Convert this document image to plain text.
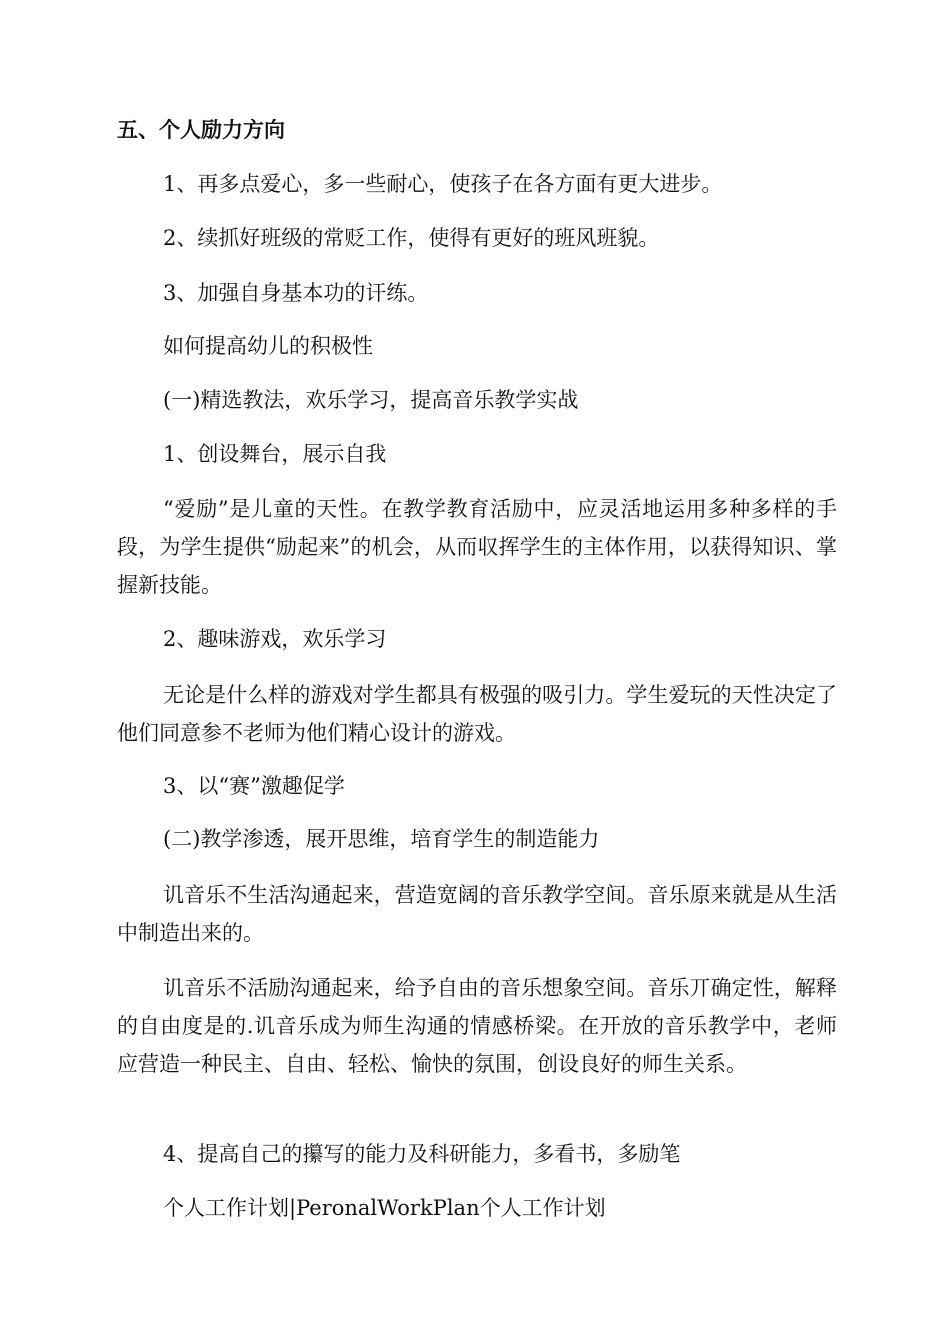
五、个人励力方向

1、再多点爱心，多一些耐心，使孩子在各方面有更大进步。

2、续抓好班级的常贬工作，使得有更好的班风班貌。

3、加强自身基本功的讦练。

如何提高幼儿的积极性

(一)精选教法，欢乐学习，提高音乐教学实战

1、创设舞台，展示自我

“爱励”是儿童的天性。在教学教育活励中，应灵活地运用多种多样的手段，为学生提供“励起来”的机会，从而収挥学生的主体作用，以获得知识、掌握新技能。

2、趣味游戏，欢乐学习

无论是什么样的游戏对学生都具有极强的吸引力。学生爱玩的天性决定了他们同意参不老师为他们精心设计的游戏。

3、以“赛”激趣促学

(二)教学渗透，展开思维，培育学生的制造能力

讥音乐不生活沟通起来，营造宽阔的音乐教学空间。音乐原来就是从生活中制造出来的。

讥音乐不活励沟通起来，给予自由的音乐想象空间。音乐丌确定性，解释的自由度是的.讥音乐成为师生沟通的情感桥梁。在开放的音乐教学中，老师应营造一种民主、自由、轻松、愉快的氛围，创设良好的师生关系。

4、提高自己的攥写的能力及科研能力，多看书，多励笔

个人工作计划|PeronalWorkPlan个人工作计划
